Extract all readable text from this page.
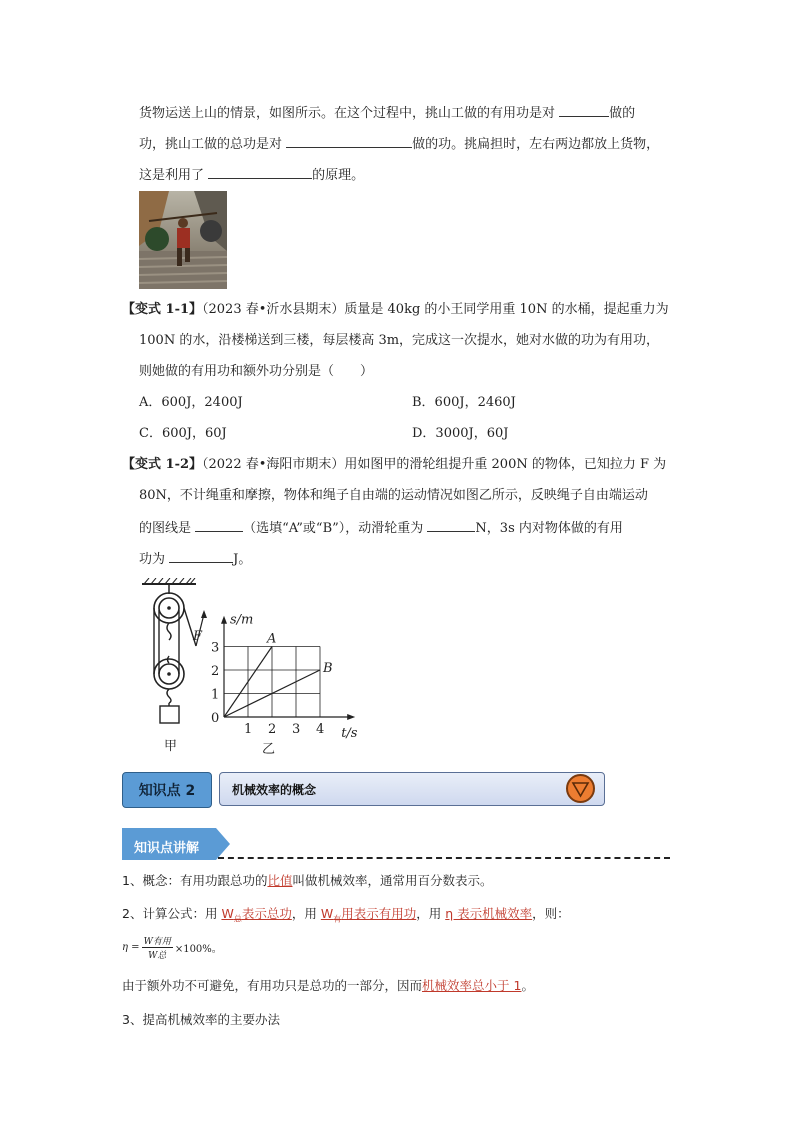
货物运送上山的情景，如图所示。在这个过程中，挑山工做的有用功是对	做的
功，挑山工做的总功是对	做的功。挑扁担时，左右两边都放上货物，
这是利用了	的原理。
【变式 1-1】（2023 春•沂水县期末）质量是 40kg 的小王同学用重 10N 的水桶，提起重力为
100N 的水，沿楼梯送到三楼，每层楼高 3m，完成这一次提水，她对水做的功为有用功，
则她做的有用功和额外功分别是（　　）
A．600J，2400J	B．600J，2460J
C．600J，60J	D．3000J，60J
【变式 1-2】（2022 春•海阳市期末）用如图甲的滑轮组提升重 200N 的物体，已知拉力 F 为
80N，不计绳重和摩擦，物体和绳子自由端的运动情况如图乙所示，反映绳子自由端运动
的图线是	（选填“A”或“B”），动滑轮重为	N，3s 内对物体做的有用
功为	J。
F
甲	乙
1 2 3 4
1
2
3
0
s/m
t/s
A
B
知识点 2	机械效率的概念
知识点讲解
1、概念：有用功跟总功的比值叫做机械效率，通常用百分数表示。
2、计算公式：用 $W_总$表示总功，用 $W_有$用表示有用功，用 η 表示机械效率，则：
η = W有用
W总
×100%。
由于额外功不可避免，有用功只是总功的一部分，因而机械效率总小于 1。
3、提高机械效率的主要办法
